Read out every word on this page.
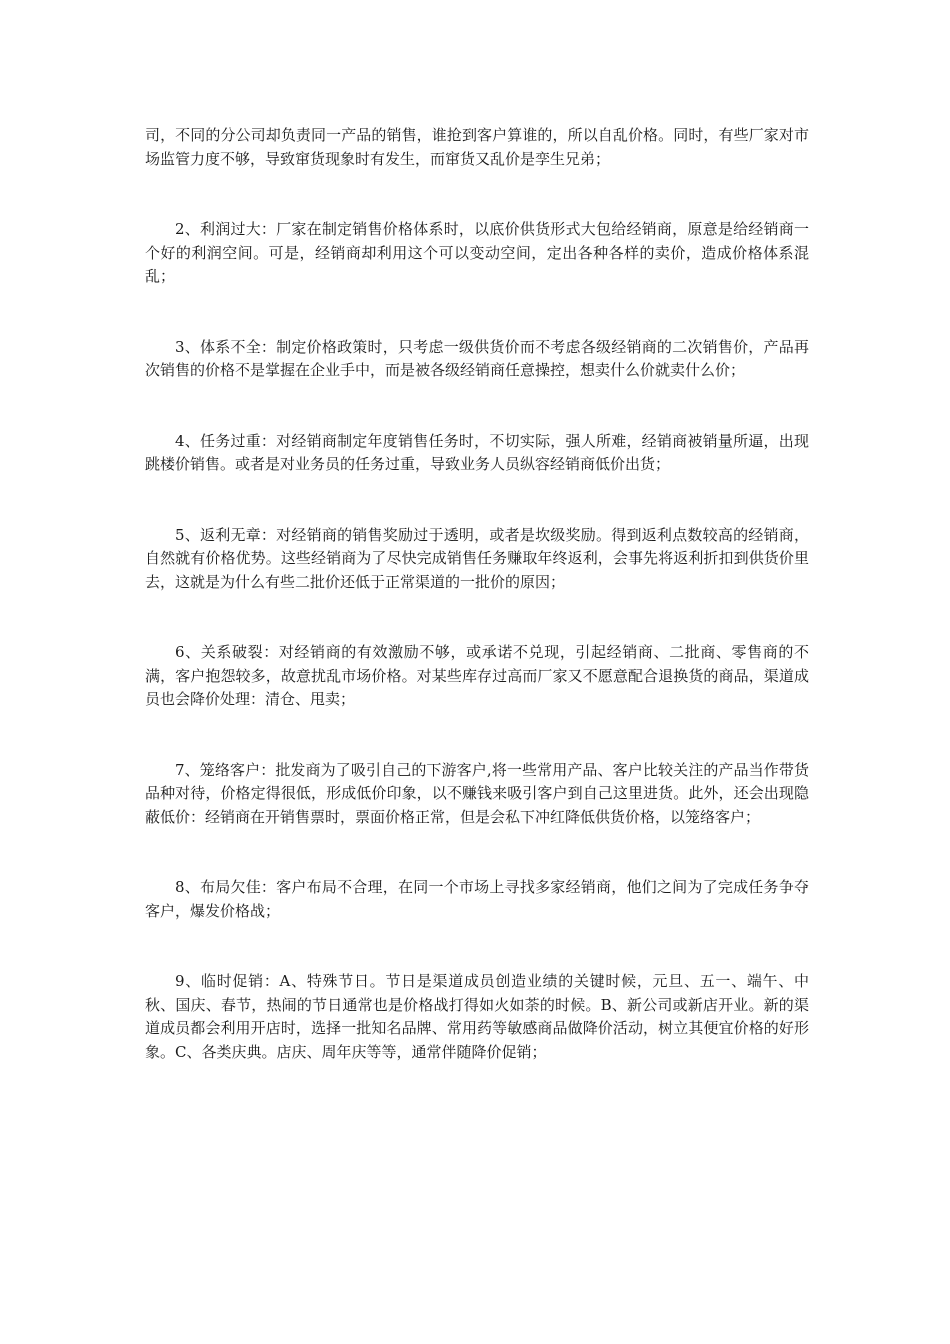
司，不同的分公司却负责同一产品的销售，谁抢到客户算谁的，所以自乱价格。同时，有些厂家对市场监管力度不够，导致窜货现象时有发生，而窜货又乱价是孪生兄弟；

2、利润过大：厂家在制定销售价格体系时，以底价供货形式大包给经销商，原意是给经销商一个好的利润空间。可是，经销商却利用这个可以变动空间，定出各种各样的卖价，造成价格体系混乱；

3、体系不全：制定价格政策时，只考虑一级供货价而不考虑各级经销商的二次销售价，产品再次销售的价格不是掌握在企业手中，而是被各级经销商任意操控，想卖什么价就卖什么价；

4、任务过重：对经销商制定年度销售任务时，不切实际，强人所难，经销商被销量所逼，出现跳楼价销售。或者是对业务员的任务过重，导致业务人员纵容经销商低价出货；

5、返利无章：对经销商的销售奖励过于透明，或者是坎级奖励。得到返利点数较高的经销商，自然就有价格优势。这些经销商为了尽快完成销售任务赚取年终返利，会事先将返利折扣到供货价里去，这就是为什么有些二批价还低于正常渠道的一批价的原因；

6、关系破裂：对经销商的有效激励不够，或承诺不兑现，引起经销商、二批商、零售商的不满，客户抱怨较多，故意扰乱市场价格。对某些库存过高而厂家又不愿意配合退换货的商品，渠道成员也会降价处理：清仓、甩卖；

7、笼络客户：批发商为了吸引自己的下游客户,将一些常用产品、客户比较关注的产品当作带货品种对待，价格定得很低，形成低价印象，以不赚钱来吸引客户到自己这里进货。此外，还会出现隐蔽低价：经销商在开销售票时，票面价格正常，但是会私下冲红降低供货价格，以笼络客户；

8、布局欠佳：客户布局不合理，在同一个市场上寻找多家经销商，他们之间为了完成任务争夺客户，爆发价格战；

9、临时促销：A、特殊节日。节日是渠道成员创造业绩的关键时候，元旦、五一、端午、中秋、国庆、春节，热闹的节日通常也是价格战打得如火如荼的时候。B、新公司或新店开业。新的渠道成员都会利用开店时，选择一批知名品牌、常用药等敏感商品做降价活动，树立其便宜价格的好形象。C、各类庆典。店庆、周年庆等等，通常伴随降价促销；
